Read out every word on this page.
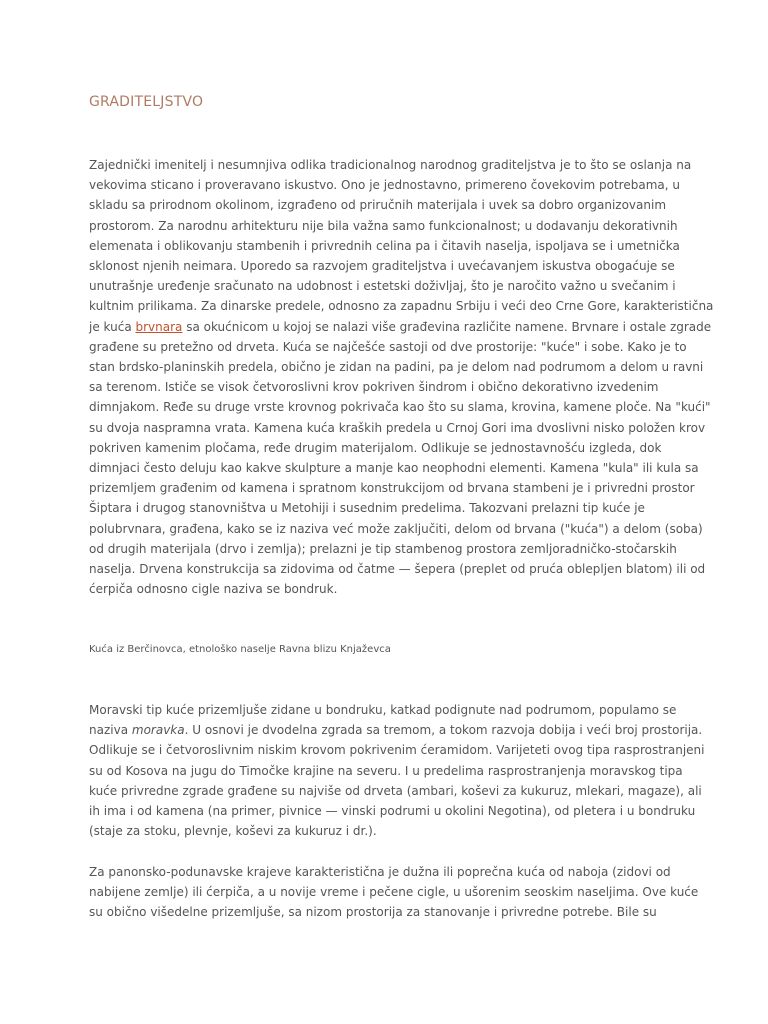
GRADITELJSTVO

Zajednički imenitelj i nesumnjiva odlika tradicionalnog narodnog graditeljstva je to što se oslanja na
vekovima sticano i proveravano iskustvo. Ono je jednostavno, primereno čovekovim potrebama, u
skladu sa prirodnom okolinom, izgrađeno od priručnih materijala i uvek sa dobro organizovanim
prostorom. Za narodnu arhitekturu nije bila važna samo funkcionalnost; u dodavanju dekorativnih
elemenata i oblikovanju stambenih i privrednih celina pa i čitavih naselja, ispoljava se i umetnička
sklonost njenih neimara. Uporedo sa razvojem graditeljstva i uvećavanjem iskustva obogaćuje se
unutrašnje uređenje sračunato na udobnost i estetski doživljaj, što je naročito važno u svečanim i
kultnim prilikama. Za dinarske predele, odnosno za zapadnu Srbiju i veći deo Crne Gore, karakteristična
je kuća brvnara sa okućnicom u kojoj se nalazi više građevina različite namene. Brvnare i ostale zgrade
građene su pretežno od drveta. Kuća se najčešće sastoji od dve prostorije: "kuće" i sobe. Kako je to
stan brdsko-planinskih predela, obično je zidan na padini, pa je delom nad podrumom a delom u ravni
sa terenom. Ističe se visok četvoroslivni krov pokriven šindrom i obično dekorativno izvedenim
dimnjakom. Ređe su druge vrste krovnog pokrivača kao što su slama, krovina, kamene ploče. Na "kući"
su dvoja naspramna vrata. Kamena kuća kraških predela u Crnoj Gori ima dvoslivni nisko položen krov
pokriven kamenim pločama, ređe drugim materijalom. Odlikuje se jednostavnošću izgleda, dok
dimnjaci često deluju kao kakve skulpture a manje kao neophodni elementi. Kamena "kula" ili kula sa
prizemljem građenim od kamena i spratnom konstrukcijom od brvana stambeni je i privredni prostor
Šiptara i drugog stanovništva u Metohiji i susednim predelima. Takozvani prelazni tip kuće je
polubrvnara, građena, kako se iz naziva već može zaključiti, delom od brvana ("kuća") a delom (soba)
od drugih materijala (drvo i zemlja); prelazni je tip stambenog prostora zemljoradničko-stočarskih
naselja. Drvena konstrukcija sa zidovima od čatme — šepera (preplet od pruća oblepljen blatom) ili od
ćerpiča odnosno cigle naziva se bondruk.

Kuća iz Berčinovca, etnološko naselje Ravna blizu Knjaževca

Moravski tip kuće prizemljuše zidane u bondruku, katkad podignute nad podrumom, populamo se
naziva moravka. U osnovi je dvodelna zgrada sa tremom, a tokom razvoja dobija i veći broj prostorija.
Odlikuje se i četvoroslivnim niskim krovom pokrivenim ćeramidom. Varijeteti ovog tipa rasprostranjeni
su od Kosova na jugu do Timočke krajine na severu. I u predelima rasprostranjenja moravskog tipa
kuće privredne zgrade građene su najviše od drveta (ambari, koševi za kukuruz, mlekari, magaze), ali
ih ima i od kamena (na primer, pivnice — vinski podrumi u okolini Negotina), od pletera i u bondruku
(staje za stoku, plevnje, koševi za kukuruz i dr.).

Za panonsko-podunavske krajeve karakteristična je dužna ili poprečna kuća od naboja (zidovi od
nabijene zemlje) ili ćerpiča, a u novije vreme i pečene cigle, u ušorenim seoskim naseljima. Ove kuće
su obično višedelne prizemljuše, sa nizom prostorija za stanovanje i privredne potrebe. Bile su
